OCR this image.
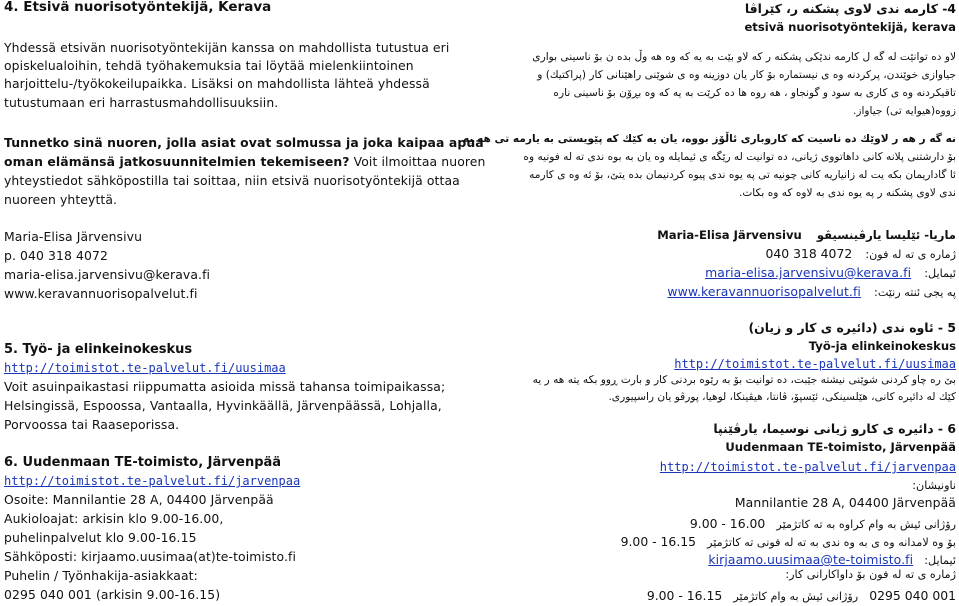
4. Etsivä nuorisotyöntekijä, Kerava
Yhdessä etsivän nuorisotyöntekijän kanssa on mahdollista tutustua eri
opiskelualoihin, tehdä työhakemuksia tai löytää mielenkiintoinen
harjoittelu-/työkokeilupaikka. Lisäksi on mahdollista lähteä yhdessä
tutustumaan eri harrastusmahdollisuuksiin.
Tunnetko sinä nuoren, jolla asiat ovat solmussa ja joka kaipaa apua
oman elämänsä jatkosuunnitelmien tekemiseen? Voit ilmoittaa nuoren
yhteystiedot sähköpostilla tai soittaa, niin etsivä nuorisotyöntekijä ottaa
nuoreen yhteyttä.
Maria-Elisa Järvensivu
p. 040 318 4072
maria-elisa.jarvensivu@kerava.fi
www.keravannuorisopalvelut.fi
5. Työ- ja elinkeinokeskus
http://toimistot.te-palvelut.fi/uusimaa
Voit asuinpaikastasi riippumatta asioida missä tahansa toimipaikassa;
Helsingissä, Espoossa, Vantaalla, Hyvinkäällä, Järvenpäässä, Lohjalla,
Porvoossa tai Raaseporissa.
6. Uudenmaan TE-toimisto, Järvenpää
http://toimistot.te-palvelut.fi/jarvenpaa
Osoite: Mannilantie 28 A, 04400 Järvenpää
Aukioloajat: arkisin klo 9.00-16.00,
puhelinpalvelut klo 9.00-16.15
Sähköposti: kirjaamo.uusimaa(at)te-toimisto.fi
Puhelin / Työnhakija-asiakkaat:
0295 040 001 (arkisin 9.00-16.15)
4- کارمه ندی لاوی پشکنه ر، کێراڤا
etsivä nuorisotyöntekijä, kerava
لاو ده توانێت له گه ل کارمه ندێکی پشکنه ر که لاو بێت به یه که وه هه وڵ بده ن بۆ ناسینی بواری
جیاوازی خوێندن، پرکردنه وه ی نیستماره بۆ کار یان دوزینه وه ی شوێنی راهێنانی کار (پراکتیك) و
تاقیکردنه وه ی کاری به سود و گونجاو ، هه روه ها ده کرێت به یه که وه بڕۆن بۆ ناسینی ناره
زووه(هیوایه تی) جیاواز.
نه گه ر هه ر لاوێك ده ناسیت كه كاروباری ئاڵۆز بووه، یان یه كێك كه پێویستی به یارمه تی هه یه
بۆ دارشتنی پلانه كانی داهاتووی ژیانی، ده توانیت له رێگه ی ئیمایله وه یان به بوه ندی ته له فونیه وه
ئا گاداریمان بکه یت له زانیاریه کانی چونیه تی په یوه ندی پیوه کردنیمان بده یتێ، بۆ ئه وه ی کارمه
ندی لاوی پشکنه ر په یوه ندی به لاوه که وه بکات.
ماریا- ئێلیسا یارڤینسیڤو Maria-Elisa Järvensivu
ژماره ی ته له فون: 040 318 4072
ئیمایل: maria-elisa.jarvensivu@kerava.fi
په یجی ئنته رنێت: www.keravannuorisopalvelut.fi
5 - ئاوه ندی (دائیره ی کار و زیان)
Työ-ja elinkeinokeskus
http://toimistot.te-palvelut.fi/uusimaa
بێ ره چاو کردنی شوێنی نیشته جێبت، ده توانیت بۆ به رێوه بردنی کار و بارت ڕوو بکه یته هه ر یه
کێك له دائیره کانی، هێلسینکی، ئێسپۆ، ڤانتا، هیڤینکا، لوهیا، پورڤو یان راسپیوری.
6 - دائیره ی کارو ژیانی نوسیما، یارڤێنپا
Uudenmaan TE-toimisto, Järvenpää
http://toimistot.te-palvelut.fi/jarvenpaa
ناونیشان:
Mannilantie 28 A, 04400 Järvenpää
رۆژانی ئیش به وام کراوه به ته كاتژمێر 9.00 - 16.00
بۆ وه لامدانه وه ی به وه ندی به ته له فونی ته کاتژمێر 9.00 - 16.15
ئیمایل: kirjaamo.uusimaa@te-toimisto.fi
ژماره ی ته له فون بۆ داواکارانی کار:
0295 040 001 رۆژانی ئیش به وام کاتژمێر 9.00 - 16.15
